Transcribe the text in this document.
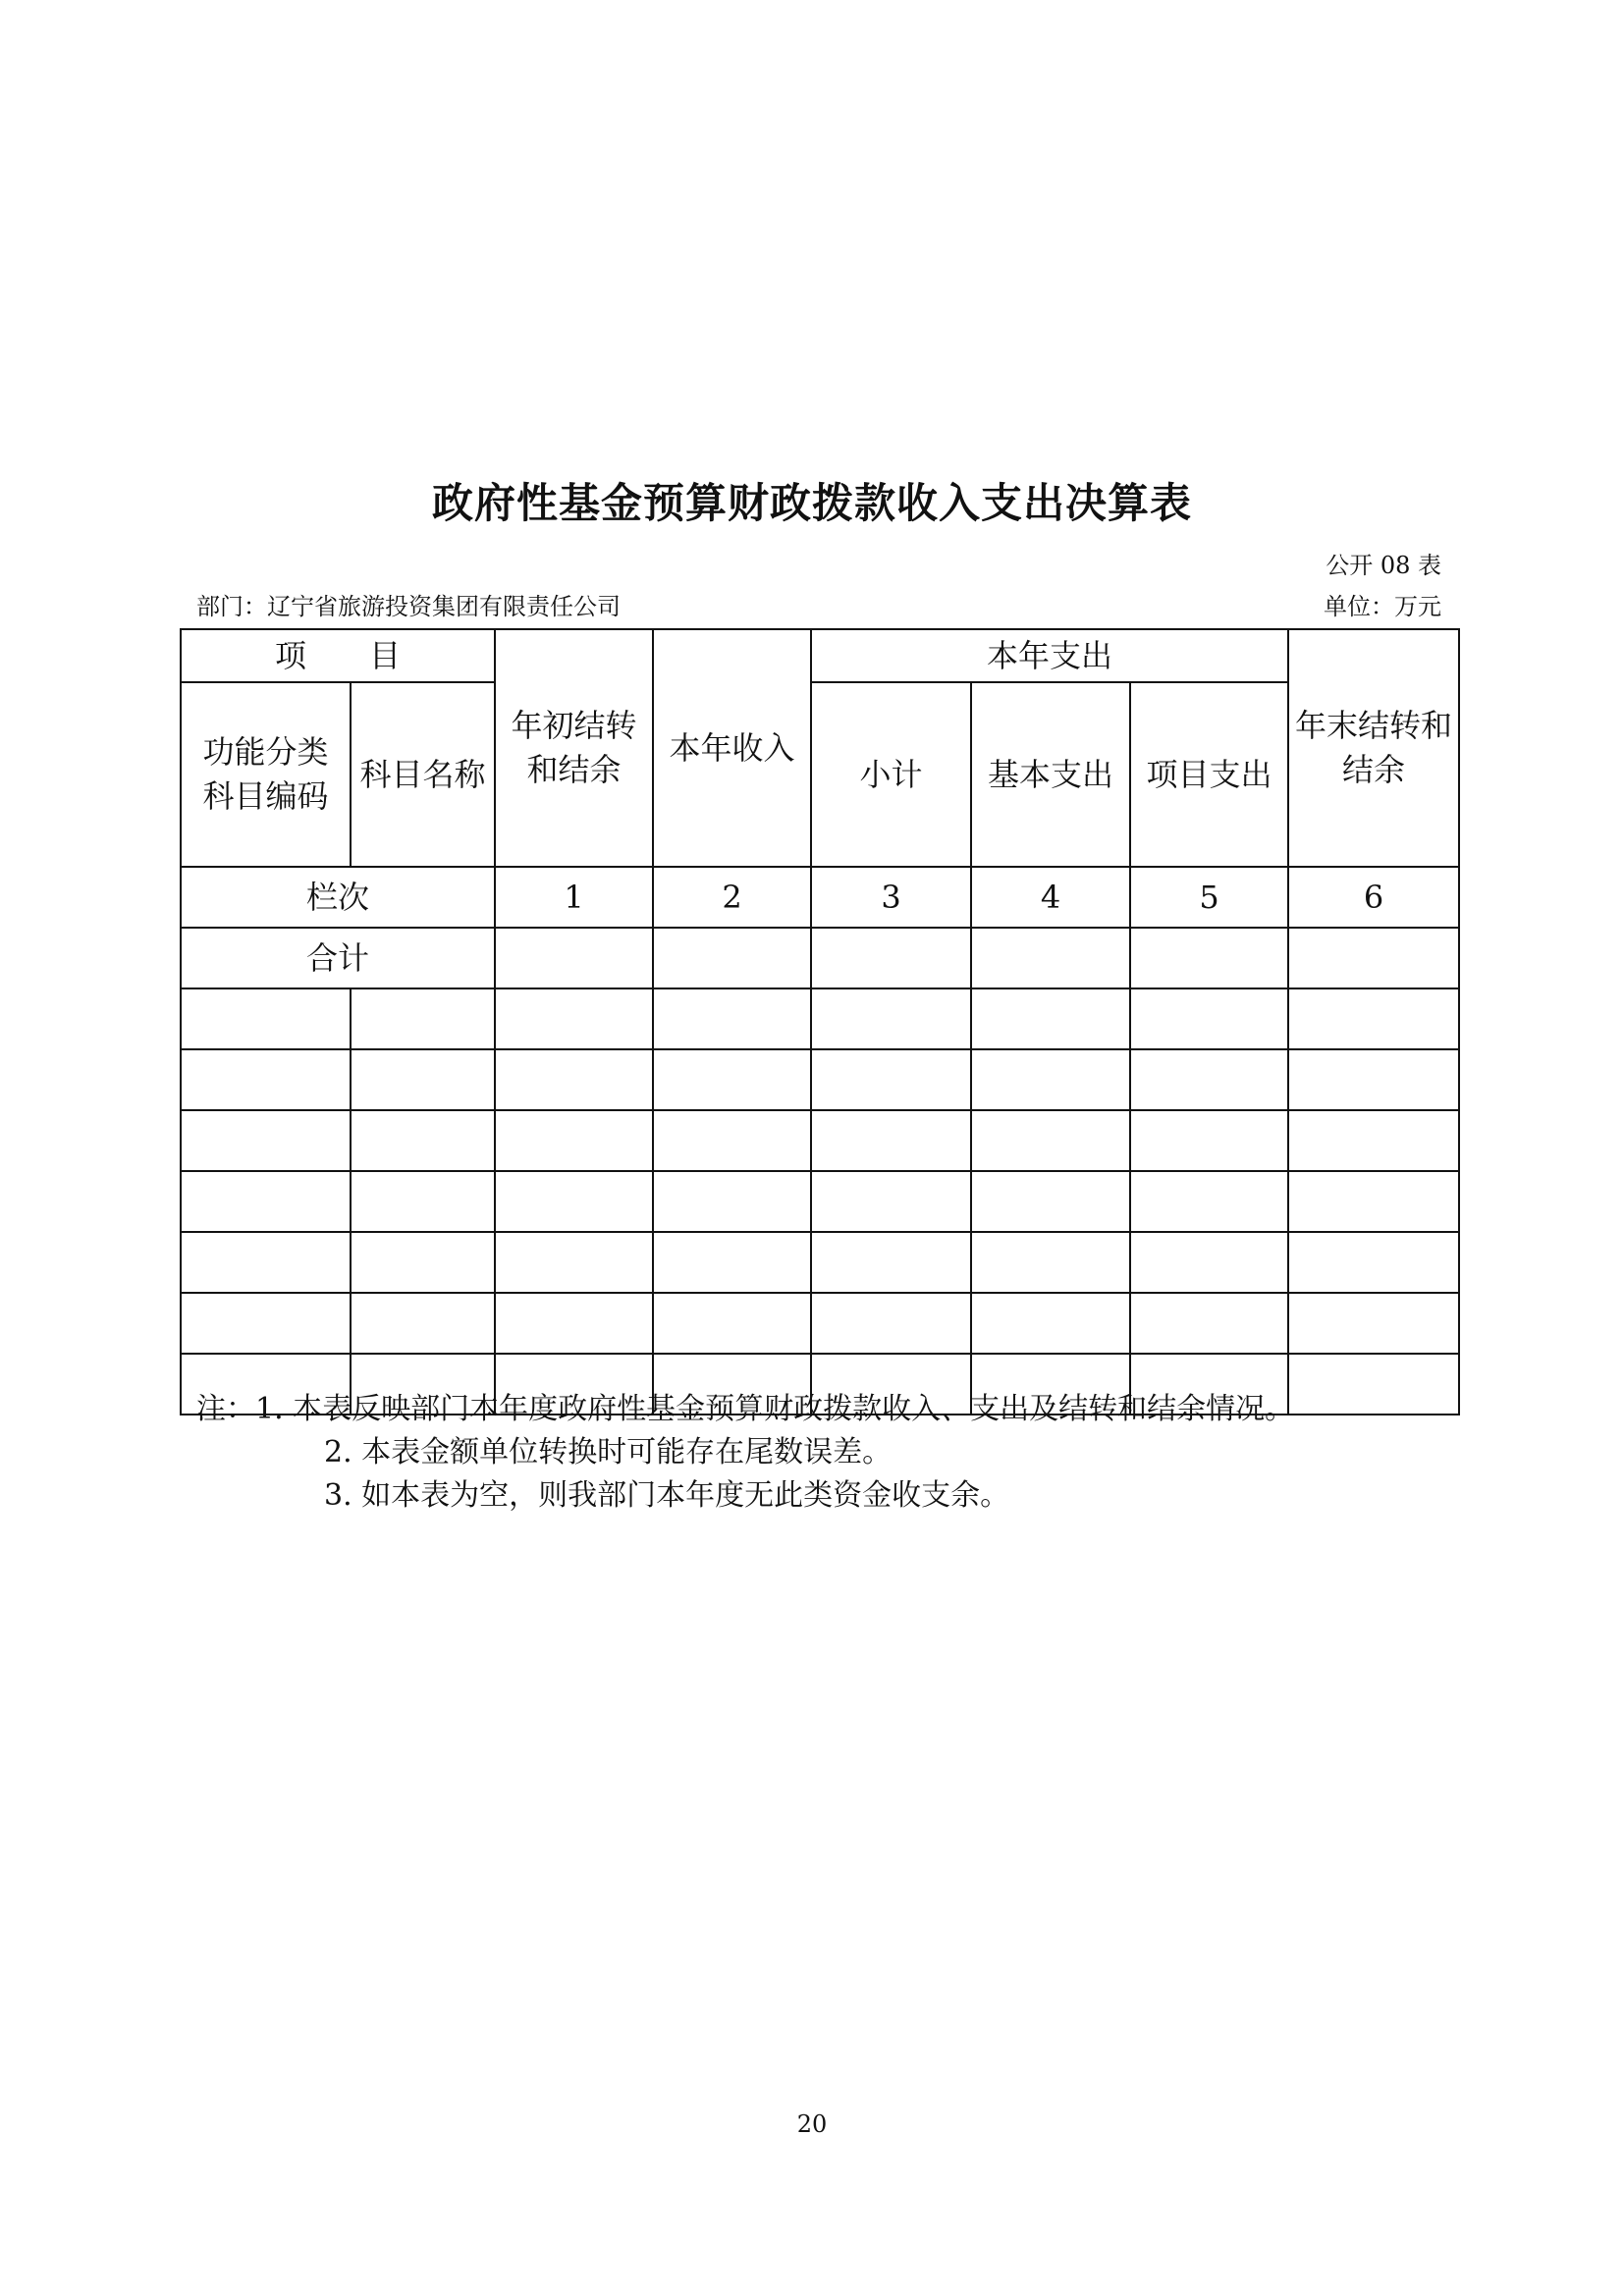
政府性基金预算财政拨款收入支出决算表
公开 08 表
部门：辽宁省旅游投资集团有限责任公司	单位：万元
项　　目		年初结转和结余	本年收入	本年支出			年末结转和结余
功能分类科目编码	科目名称			小计	基本支出	项目支出	
栏次		1	2	3	4	5	6
合计							

注：1. 本表反映部门本年度政府性基金预算财政拨款收入、支出及结转和结余情况。
2. 本表金额单位转换时可能存在尾数误差。
3. 如本表为空，则我部门本年度无此类资金收支余。
20
